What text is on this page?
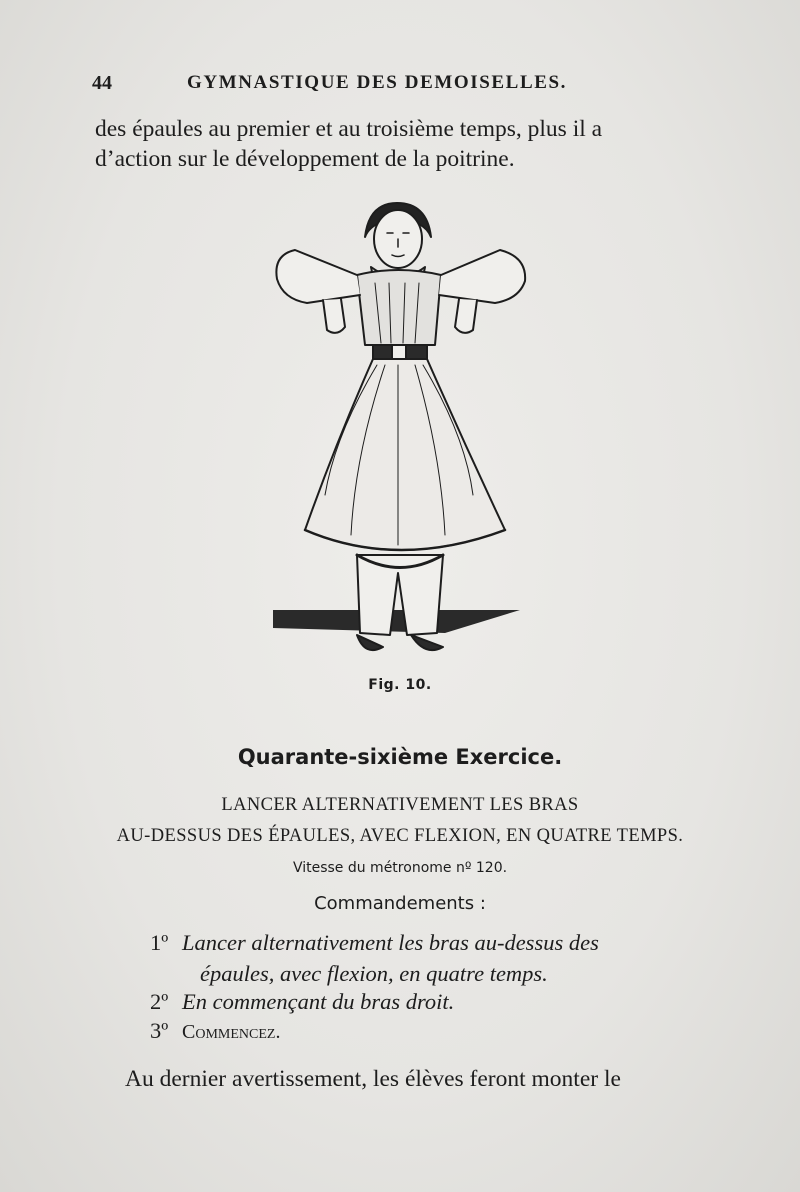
44	GYMNASTIQUE DES DEMOISELLES.

des épaules au premier et au troisième temps, plus il a

d’action sur le développement de la poitrine.

Fig. 10.
Quarante-sixième Exercice.
LANCER ALTERNATIVEMENT LES BRAS
AU-DESSUS DES ÉPAULES, AVEC FLEXION, EN QUATRE TEMPS.
Vitesse du métronome nº 120.
Commandements :
1º Lancer alternativement les bras au-dessus des
épaules, avec flexion, en quatre temps.
2º En commençant du bras droit.
3º Commencez.
Au dernier avertissement, les élèves feront monter le
